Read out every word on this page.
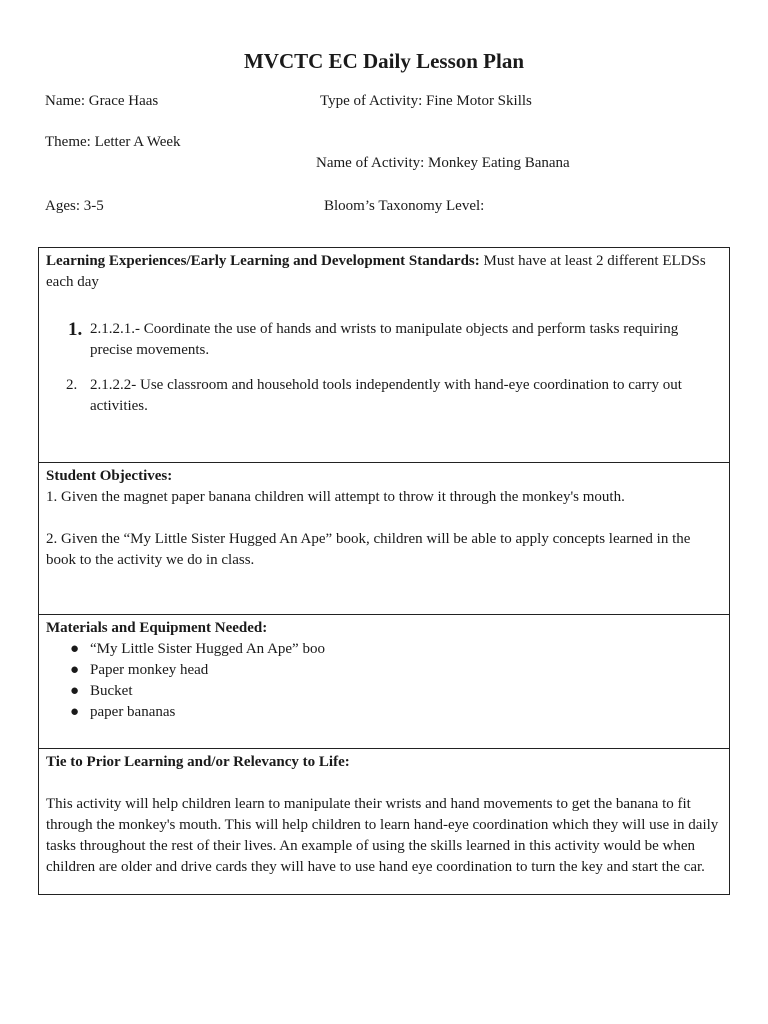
MVCTC EC Daily Lesson Plan
Name: Grace Haas	Type of Activity: Fine Motor Skills
Theme: Letter A Week
Name of Activity: Monkey Eating Banana
Ages: 3-5	Bloom’s Taxonomy Level:
Learning Experiences/Early Learning and Development Standards: Must have at least 2 different ELDSs each day
1. 2.1.2.1.- Coordinate the use of hands and wrists to manipulate objects and perform tasks requiring precise movements.
2. 2.1.2.2- Use classroom and household tools independently with hand-eye coordination to carry out activities.
Student Objectives:
1. Given the magnet paper banana children will attempt to throw it through the monkey's mouth.
2. Given the “My Little Sister Hugged An Ape” book, children will be able to apply concepts learned in the book to the activity we do in class.
Materials and Equipment Needed:
● “My Little Sister Hugged An Ape” boo
● Paper monkey head
● Bucket
● paper bananas
Tie to Prior Learning and/or Relevancy to Life:
This activity will help children learn to manipulate their wrists and hand movements to get the banana to fit through the monkey's mouth. This will help children to learn hand-eye coordination which they will use in daily tasks throughout the rest of their lives. An example of using the skills learned in this activity would be when children are older and drive cards they will have to use hand eye coordination to turn the key and start the car.
